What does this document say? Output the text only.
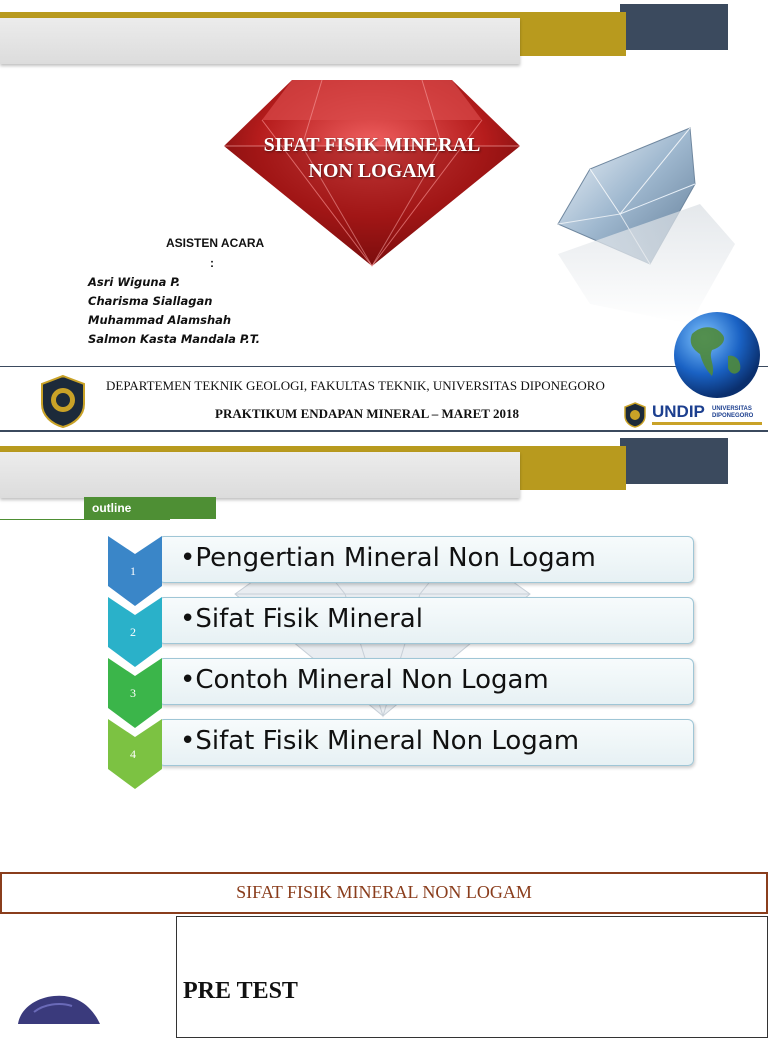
SIFAT FISIK MINERAL
NON LOGAM
ASISTEN ACARA
:
Asri Wiguna P.
Charisma Siallagan
Muhammad Alamshah
Salmon Kasta Mandala P.T.
DEPARTEMEN TEKNIK GEOLOGI, FAKULTAS TEKNIK, UNIVERSITAS DIPONEGORO
PRAKTIKUM ENDAPAN MINERAL – MARET 2018	UNDIP UNIVERSITAS DIPONEGORO
outline
•Pengertian Mineral Non Logam
•Sifat Fisik Mineral
•Contoh Mineral Non Logam
•Sifat Fisik Mineral Non Logam
1
2
3
4
SIFAT FISIK MINERAL NON LOGAM
PRE TEST
